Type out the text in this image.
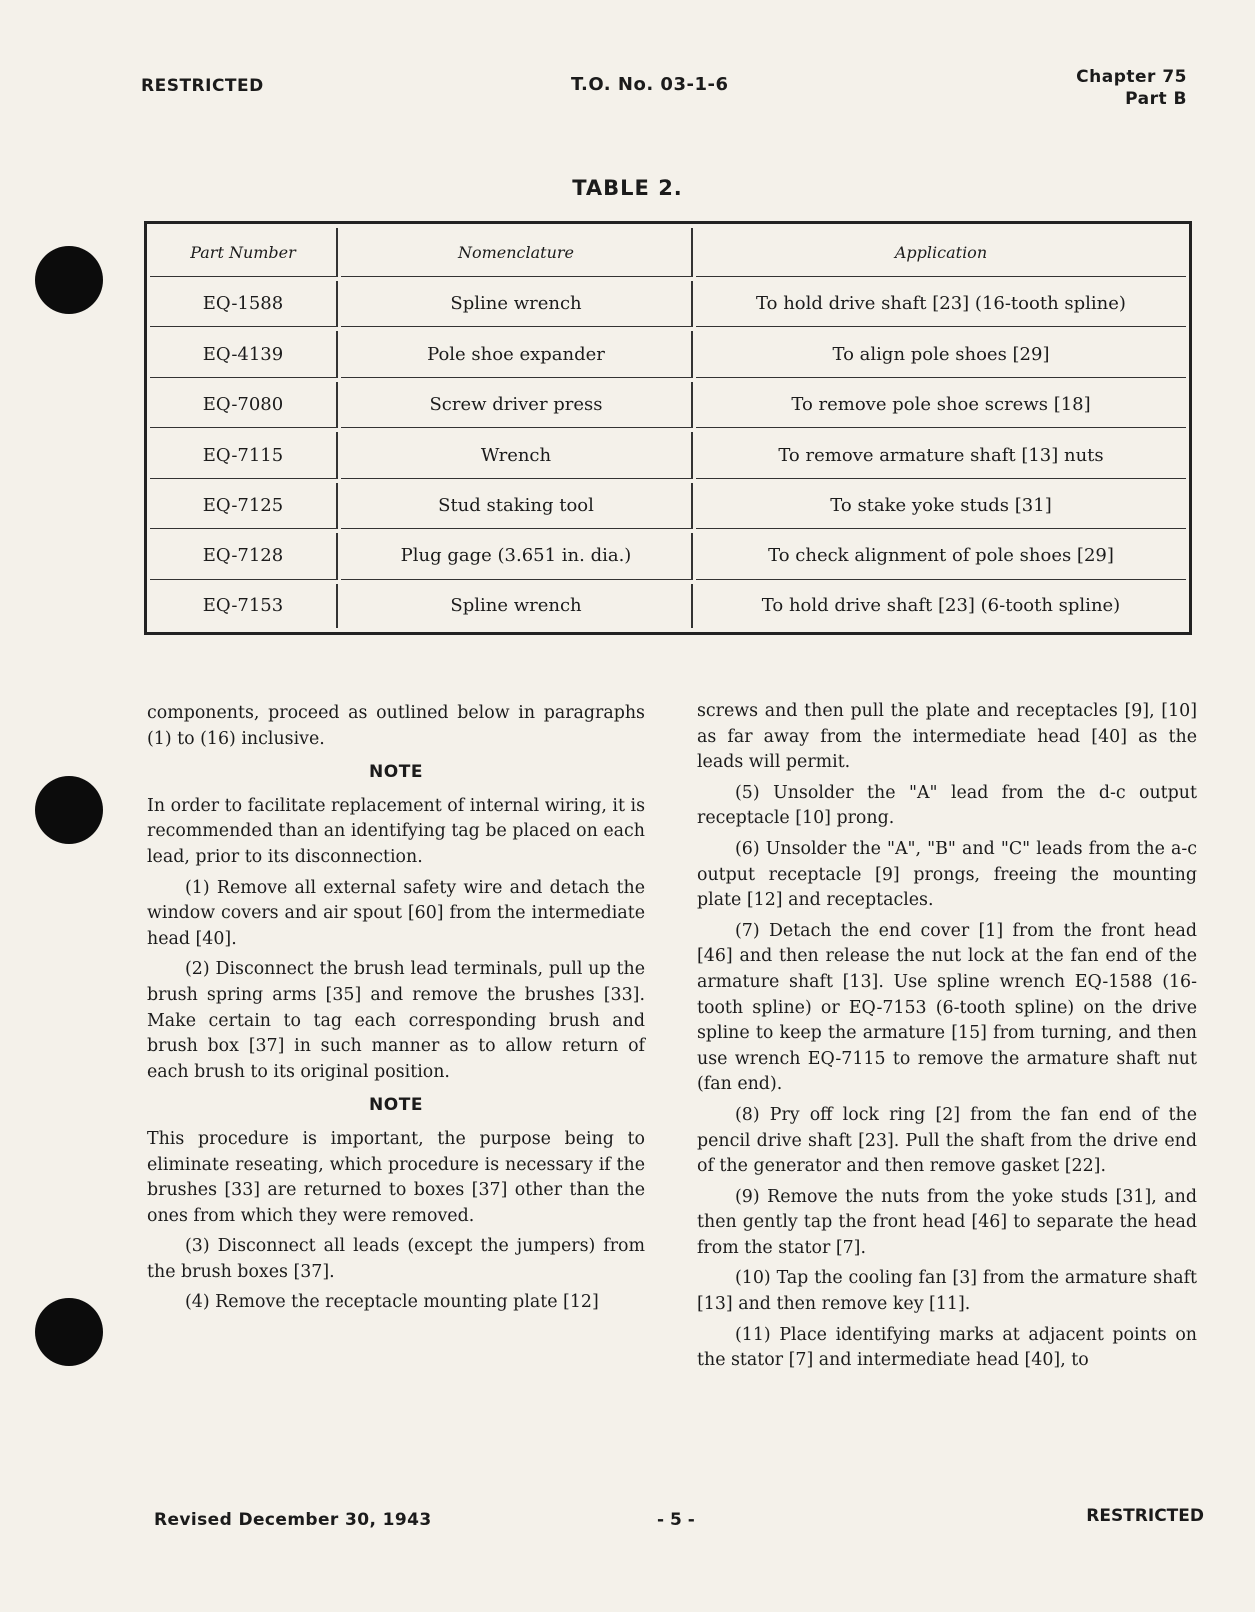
RESTRICTED	T.O. No. 03-1-6	Chapter 75
Part B
TABLE 2.
Part Number	Nomenclature	Application
EQ-1588	Spline wrench	To hold drive shaft [23] (16-tooth spline)
EQ-4139	Pole shoe expander	To align pole shoes [29]
EQ-7080	Screw driver press	To remove pole shoe screws [18]
EQ-7115	Wrench	To remove armature shaft [13] nuts
EQ-7125	Stud staking tool	To stake yoke studs [31]
EQ-7128	Plug gage (3.651 in. dia.)	To check alignment of pole shoes [29]
EQ-7153	Spline wrench	To hold drive shaft [23] (6-tooth spline)

components, proceed as outlined below in paragraphs (1) to (16) inclusive.

NOTE

In order to facilitate replacement of internal wiring, it is recommended than an identifying tag be placed on each lead, prior to its disconnection.

(1) Remove all external safety wire and detach the window covers and air spout [60] from the intermediate head [40].

(2) Disconnect the brush lead terminals, pull up the brush spring arms [35] and remove the brushes [33]. Make certain to tag each corresponding brush and brush box [37] in such manner as to allow return of each brush to its original position.

NOTE

This procedure is important, the purpose being to eliminate reseating, which procedure is necessary if the brushes [33] are returned to boxes [37] other than the ones from which they were removed.

(3) Disconnect all leads (except the jumpers) from the brush boxes [37].

(4) Remove the receptacle mounting plate [12]

screws and then pull the plate and receptacles [9], [10] as far away from the intermediate head [40] as the leads will permit.

(5) Unsolder the "A" lead from the d-c output receptacle [10] prong.

(6) Unsolder the "A", "B" and "C" leads from the a-c output receptacle [9] prongs, freeing the mounting plate [12] and receptacles.

(7) Detach the end cover [1] from the front head [46] and then release the nut lock at the fan end of the armature shaft [13]. Use spline wrench EQ-1588 (16-tooth spline) or EQ-7153 (6-tooth spline) on the drive spline to keep the armature [15] from turning, and then use wrench EQ-7115 to remove the armature shaft nut (fan end).

(8) Pry off lock ring [2] from the fan end of the pencil drive shaft [23]. Pull the shaft from the drive end of the generator and then remove gasket [22].

(9) Remove the nuts from the yoke studs [31], and then gently tap the front head [46] to separate the head from the stator [7].

(10) Tap the cooling fan [3] from the armature shaft [13] and then remove key [11].

(11) Place identifying marks at adjacent points on the stator [7] and intermediate head [40], to

Revised December 30, 1943	- 5 -	RESTRICTED
